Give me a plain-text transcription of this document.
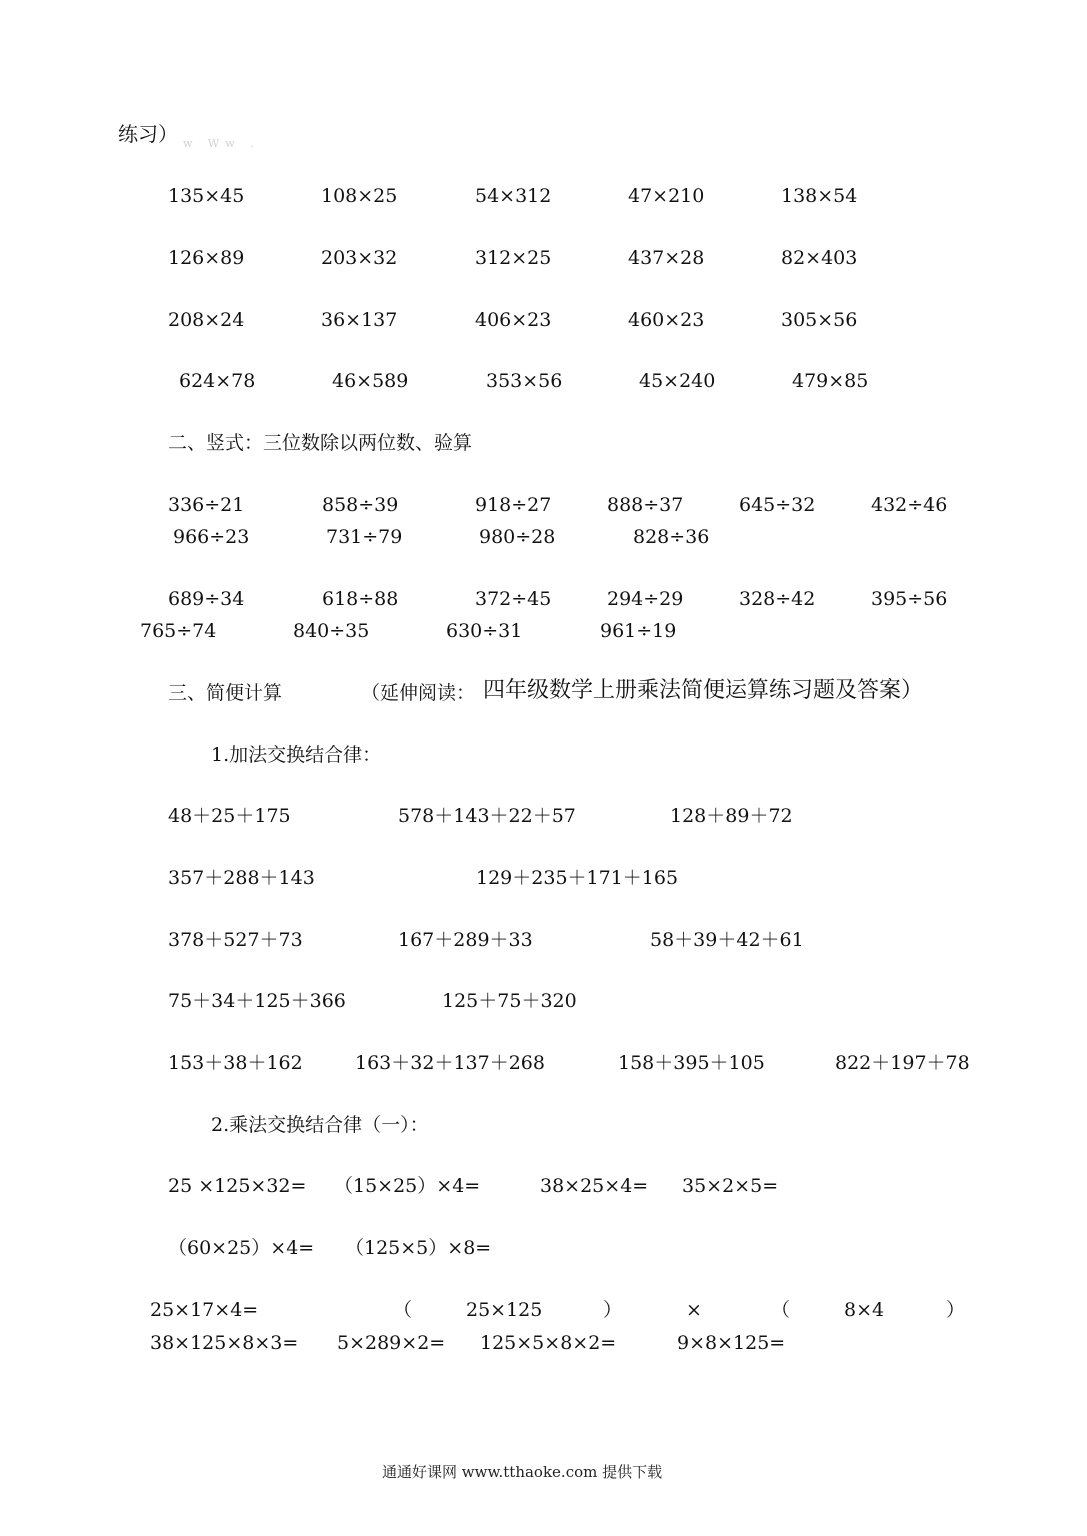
练习） w Ww .
135×45	108×25	54×312	47×210	138×54
126×89	203×32	312×25	437×28	82×403
208×24	36×137	406×23	460×23	305×56
624×78	46×589	353×56	45×240	479×85
二、竖式：三位数除以两位数、验算
336÷21	858÷39	918÷27	888÷37	645÷32	432÷46
966÷23	731÷79	980÷28	828÷36
689÷34	618÷88	372÷45	294÷29	328÷42	395÷56
765÷74	840÷35	630÷31	961÷19
三、简便计算	（延伸阅读： 四年级数学上册乘法简便运算练习题及答案）
1.加法交换结合律：
48＋25＋175	578＋143＋22＋57	128＋89＋72
357＋288＋143	129＋235＋171＋165
378＋527＋73	167＋289＋33	58＋39＋42＋61
75＋34＋125＋366	125＋75＋320
153＋38＋162	163＋32＋137＋268	158＋395＋105	822＋197＋78
2.乘法交换结合律（一）：
25 ×125×32= （15×25）×4=	38×25×4= 35×2×5=
（60×25）×4= （125×5）×8=
25×17×4=	（	25×125	）	×	（	8×4	）
38×125×8×3= 5×289×2= 125×5×8×2=	9×8×125=
通通好课网 www.tthaoke.com 提供下载
